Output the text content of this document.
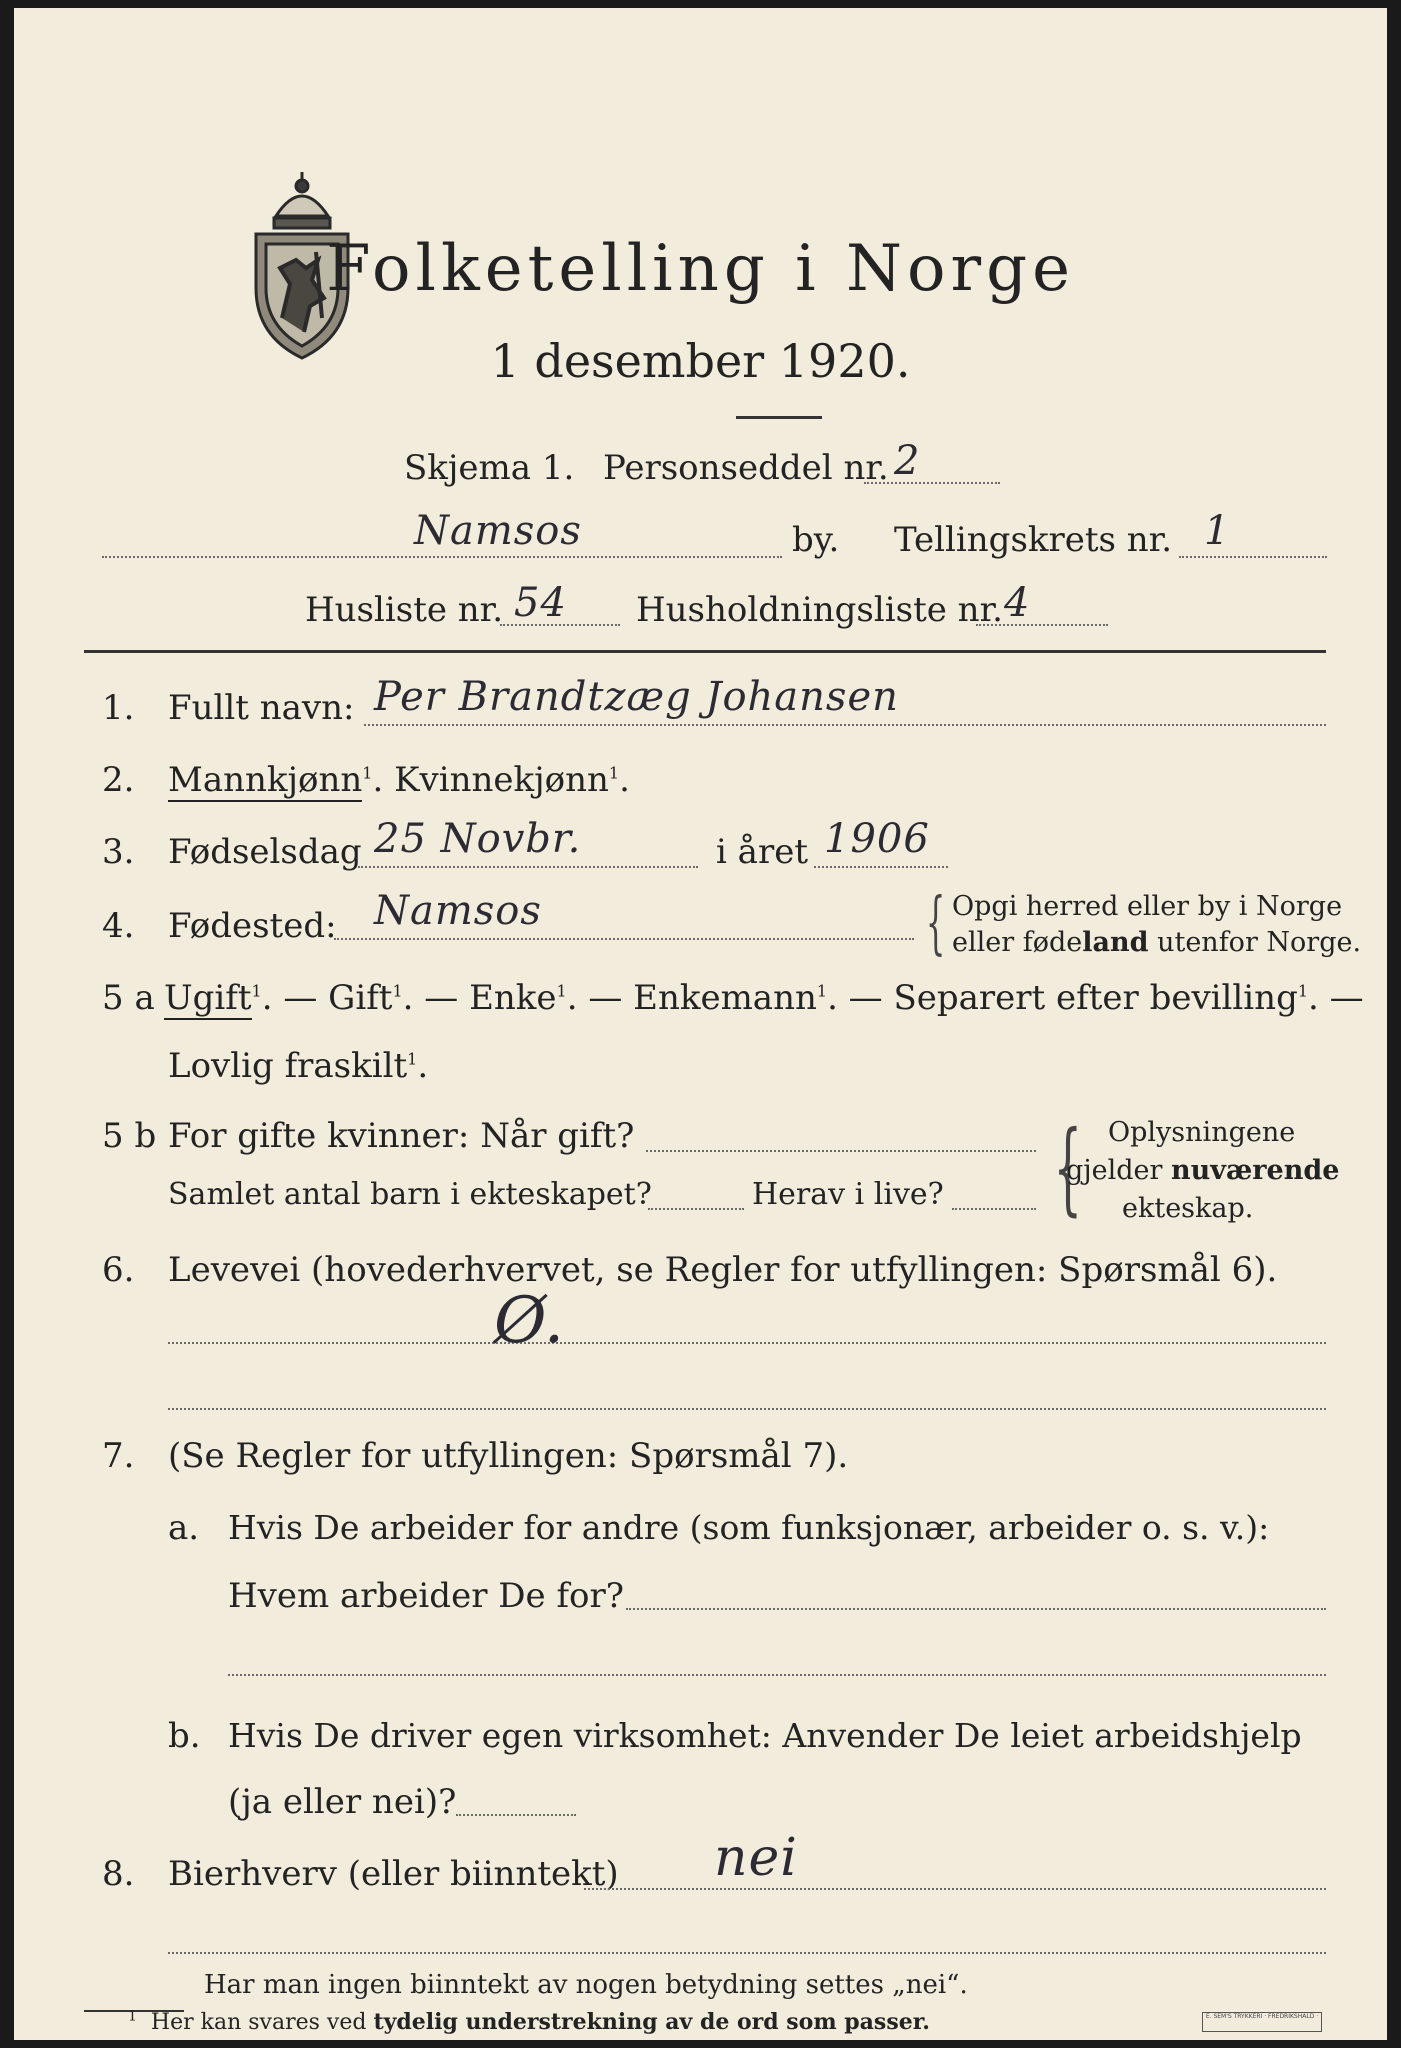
Folketelling i Norge
1 desember 1920.
Skjema 1. Personseddel nr. 2
Namsos	by. Tellingskrets nr. 1
Husliste nr. 54 Husholdningsliste nr. 4
1. Fullt navn: Per Brandtzæg Johansen
2. Mannkjønn$^1$. Kvinnekjønn$^1$.
3. Fødselsdag 25 Novbr.	i året 1906
4. Fødested: Namsos	{ Opgi herred eller by i Norge
eller fødeland utenfor Norge.
5 a Ugift$^1$. — Gift$^1$. — Enke$^1$. — Enkemann$^1$. — Separert efter bevilling$^1$. —
Lovlig fraskilt$^1$.
5 b For gifte kvinner: Når gift?
Samlet antal barn i ekteskapet?	Herav i live? { Oplysningene
gjelder nuværende
ekteskap.
6. Levevei (hovederhvervet, se Regler for utfyllingen: Spørsmål 6).
Ø.
7. (Se Regler for utfyllingen: Spørsmål 7).
a. Hvis De arbeider for andre (som funksjonær, arbeider o. s. v.):
Hvem arbeider De for?
b. Hvis De driver egen virksomhet: Anvender De leiet arbeidshjelp
(ja eller nei)?
8. Bierhverv (eller biinntekt) nei
Har man ingen biinntekt av nogen betydning settes „nei“.
$^1$ Her kan svares ved tydelig understrekning av de ord som passer.	E. SEM'S TRYKKERI · FREDRIKSHALD ·
